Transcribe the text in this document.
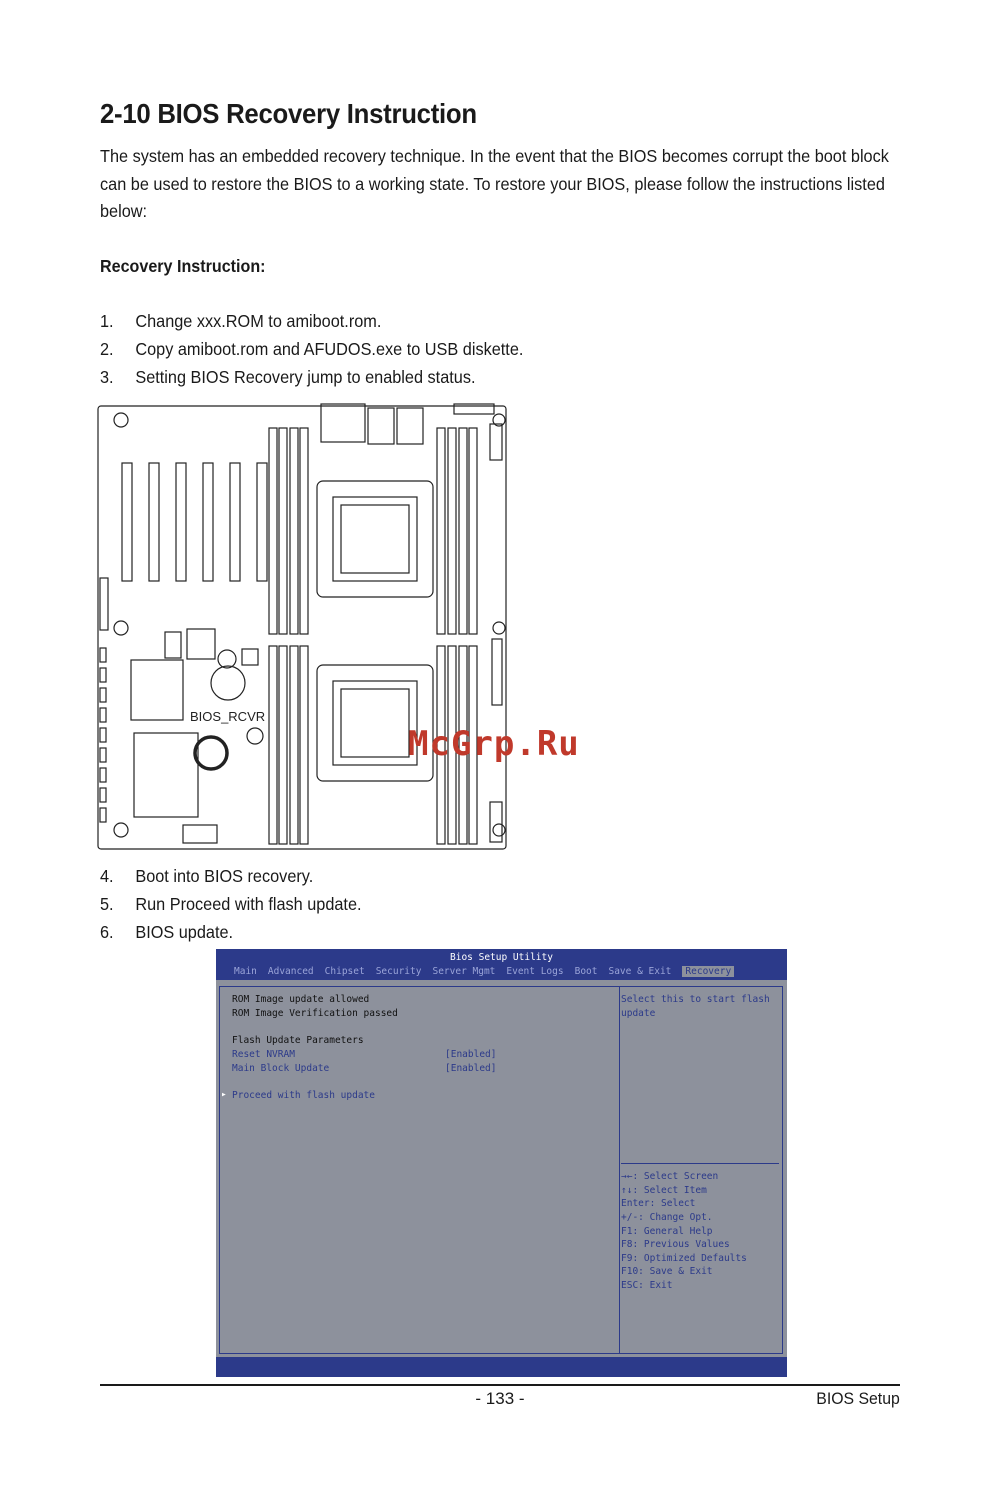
2-10 BIOS Recovery Instruction
The system has an embedded recovery technique. In the event that the BIOS becomes corrupt the boot block can be used to restore the BIOS to a working state. To restore your BIOS, please follow the instructions listed below:
Recovery Instruction:
1. Change xxx.ROM to amiboot.rom.
2. Copy amiboot.rom and AFUDOS.exe to USB diskette.
3. Setting BIOS Recovery jump to enabled status.
BIOS_RCVR
McGrp.Ru
4. Boot into BIOS recovery.
5. Run Proceed with flash update.
6. BIOS update.
Bios Setup Utility
Main Advanced Chipset Security Server Mgmt Event Logs Boot Save & Exit	Recovery
ROM Image update allowed
ROM Image Verification passed
Flash Update Parameters
Reset NVRAM	[Enabled]
Main Block Update	[Enabled]
▸ Proceed with flash update
Select this to start flash
update
→←: Select Screen
↑↓: Select Item
Enter: Select
+/-: Change Opt.
F1: General Help
F8: Previous Values
F9: Optimized Defaults
F10: Save & Exit
ESC: Exit
- 133 -	BIOS Setup
